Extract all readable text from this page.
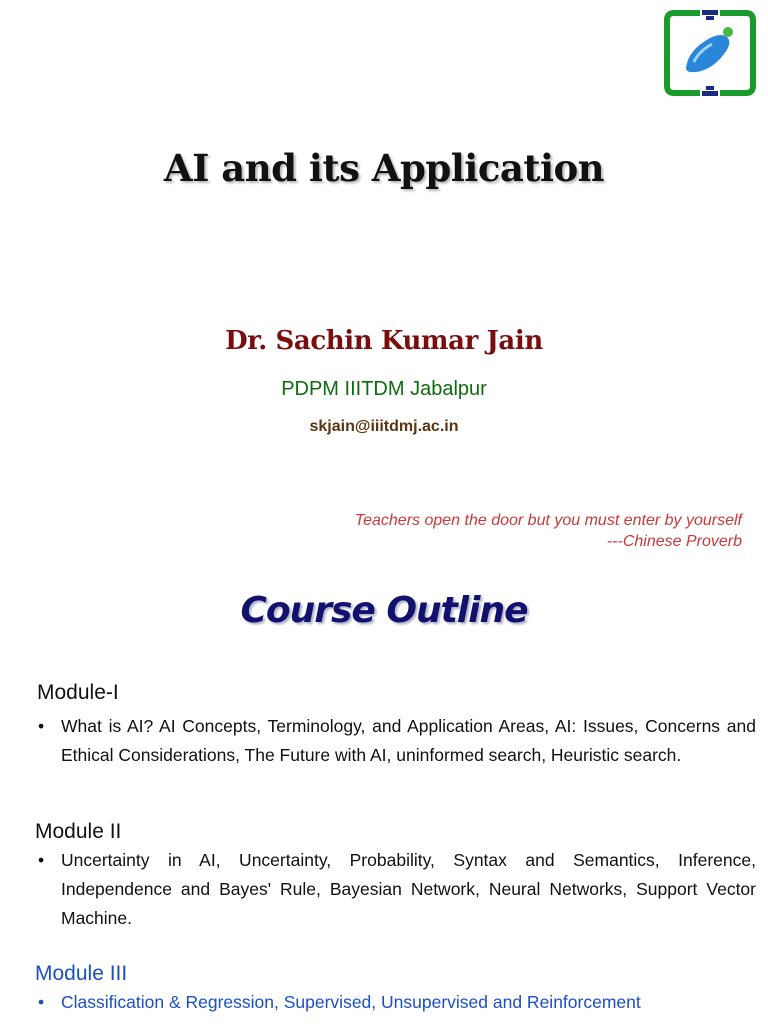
AI and its Application
Dr. Sachin Kumar Jain
PDPM IIITDM Jabalpur
skjain@iiitdmj.ac.in
Teachers open the door but you must enter by yourself
---Chinese Proverb
Course Outline
Module-I
• What is AI? AI Concepts, Terminology, and Application Areas, AI: Issues, Concerns and Ethical Considerations, The Future with AI, uninformed search, Heuristic search.
Module II
• Uncertainty in AI, Uncertainty, Probability, Syntax and Semantics, Inference, Independence and Bayes' Rule, Bayesian Network, Neural Networks, Support Vector Machine.
Module III
• Classification & Regression, Supervised, Unsupervised and Reinforcement
